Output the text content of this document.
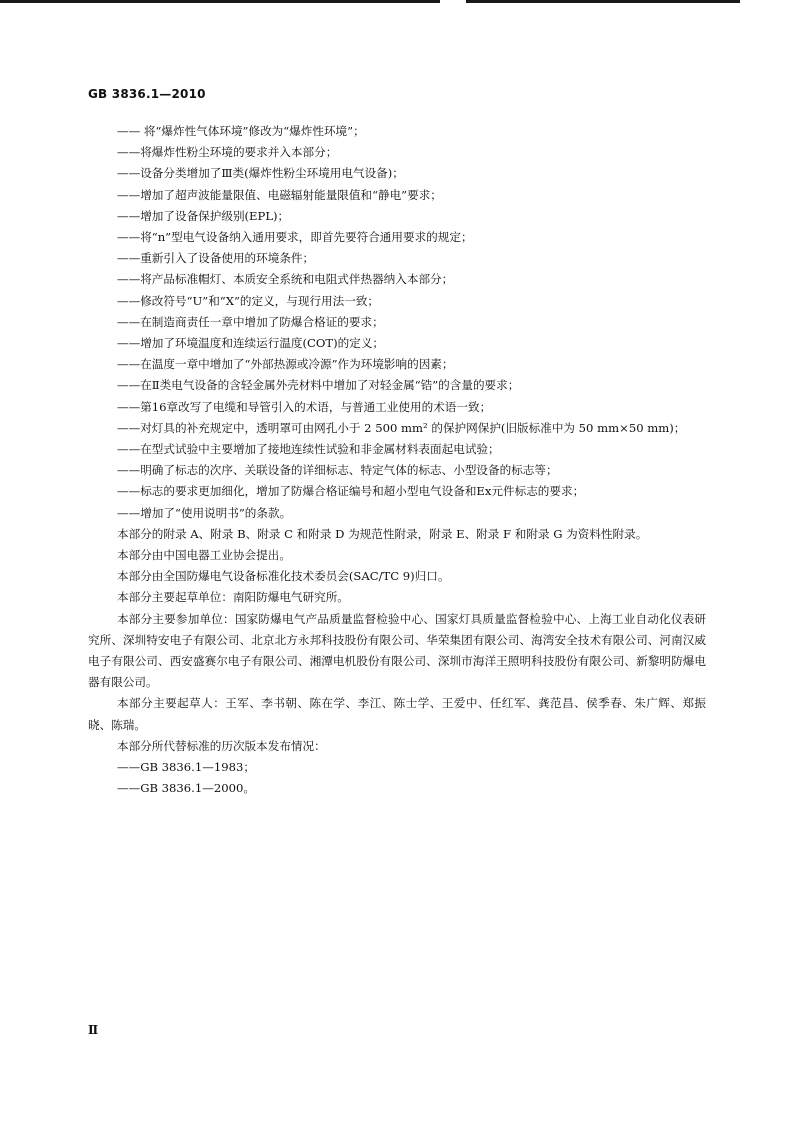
GB 3836.1—2010
—— 将“爆炸性气体环境”修改为“爆炸性环境”；
——将爆炸性粉尘环境的要求并入本部分；
——设备分类增加了Ⅲ类(爆炸性粉尘环境用电气设备)；
——增加了超声波能量限值、电磁辐射能量限值和“静电”要求；
——增加了设备保护级别(EPL)；
——将“n”型电气设备纳入通用要求，即首先要符合通用要求的规定；
——重新引入了设备使用的环境条件；
——将产品标准帽灯、本质安全系统和电阻式伴热器纳入本部分；
——修改符号“U”和“X”的定义，与现行用法一致；
——在制造商责任一章中增加了防爆合格证的要求；
——增加了环境温度和连续运行温度(COT)的定义；
——在温度一章中增加了“外部热源或冷源”作为环境影响的因素；
——在Ⅱ类电气设备的含轻金属外壳材料中增加了对轻金属“锆”的含量的要求；
——第16章改写了电缆和导管引入的术语，与普通工业使用的术语一致；
——对灯具的补充规定中，透明罩可由网孔小于 2 500 mm² 的保护网保护(旧版标准中为 50 mm×50 mm)；
——在型式试验中主要增加了接地连续性试验和非金属材料表面起电试验；
——明确了标志的次序、关联设备的详细标志、特定气体的标志、小型设备的标志等；
——标志的要求更加细化，增加了防爆合格证编号和超小型电气设备和Ex元件标志的要求；
——增加了“使用说明书”的条款。

本部分的附录 A、附录 B、附录 C 和附录 D 为规范性附录，附录 E、附录 F 和附录 G 为资料性附录。

本部分由中国电器工业协会提出。

本部分由全国防爆电气设备标准化技术委员会(SAC/TC 9)归口。

本部分主要起草单位：南阳防爆电气研究所。

本部分主要参加单位：国家防爆电气产品质量监督检验中心、国家灯具质量监督检验中心、上海工业自动化仪表研究所、深圳特安电子有限公司、北京北方永邦科技股份有限公司、华荣集团有限公司、海湾安全技术有限公司、河南汉威电子有限公司、西安盛赛尔电子有限公司、湘潭电机股份有限公司、深圳市海洋王照明科技股份有限公司、新黎明防爆电器有限公司。

本部分主要起草人：王军、李书朝、陈在学、李江、陈士学、王爱中、任红军、龚范昌、侯季春、朱广辉、郑振晓、陈瑞。

本部分所代替标准的历次版本发布情况：

——GB 3836.1—1983；
——GB 3836.1—2000。
Ⅱ
